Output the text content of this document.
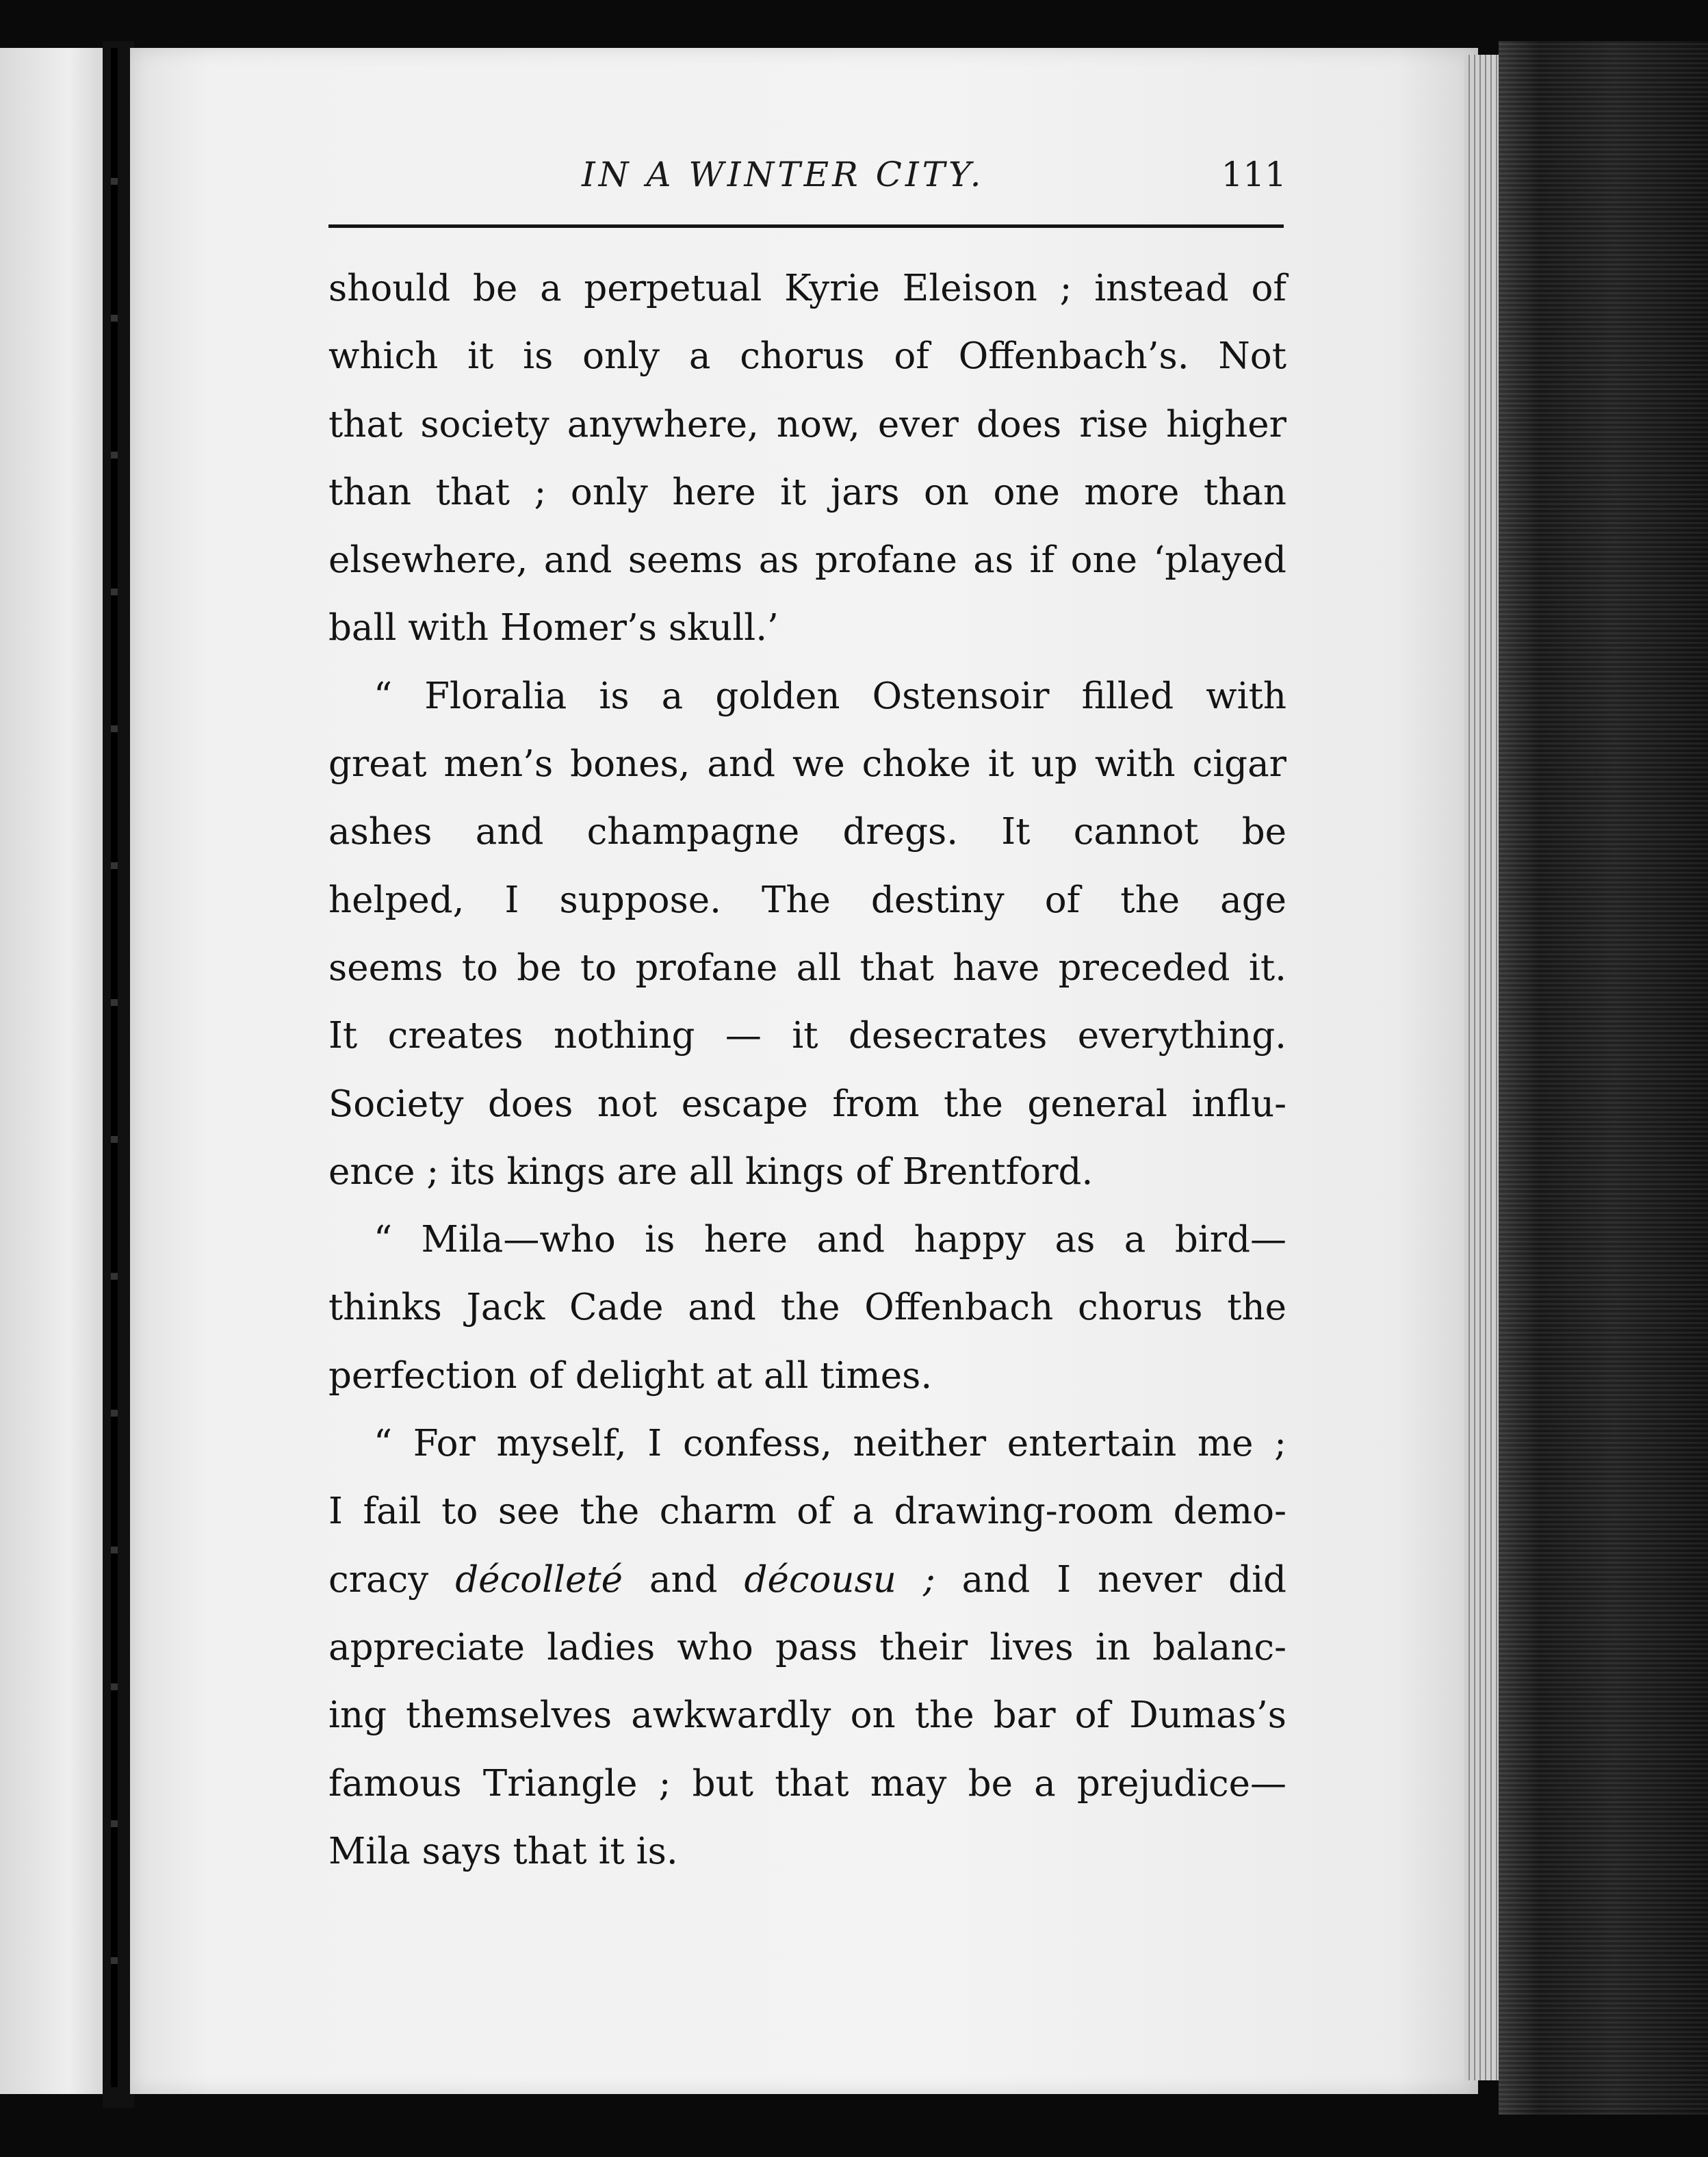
IN A WINTER CITY.	111
should be a perpetual Kyrie Eleison ; instead of
which it is only a chorus of Offenbach’s. Not
that society anywhere, now, ever does rise higher
than that ; only here it jars on one more than
elsewhere, and seems as profane as if one ‘played
ball with Homer’s skull.’
“ Floralia is a golden Ostensoir filled with
great men’s bones, and we choke it up with cigar
ashes and champagne dregs. It cannot be
helped, I suppose. The destiny of the age
seems to be to profane all that have preceded it.
It creates nothing — it desecrates everything.
Society does not escape from the general influ-
ence ; its kings are all kings of Brentford.
“ Mila—who is here and happy as a bird—
thinks Jack Cade and the Offenbach chorus the
perfection of delight at all times.
“ For myself, I confess, neither entertain me ;
I fail to see the charm of a drawing-room demo-
cracy décolleté and décousu ; and I never did
appreciate ladies who pass their lives in balanc-
ing themselves awkwardly on the bar of Dumas’s
famous Triangle ; but that may be a prejudice—
Mila says that it is.
